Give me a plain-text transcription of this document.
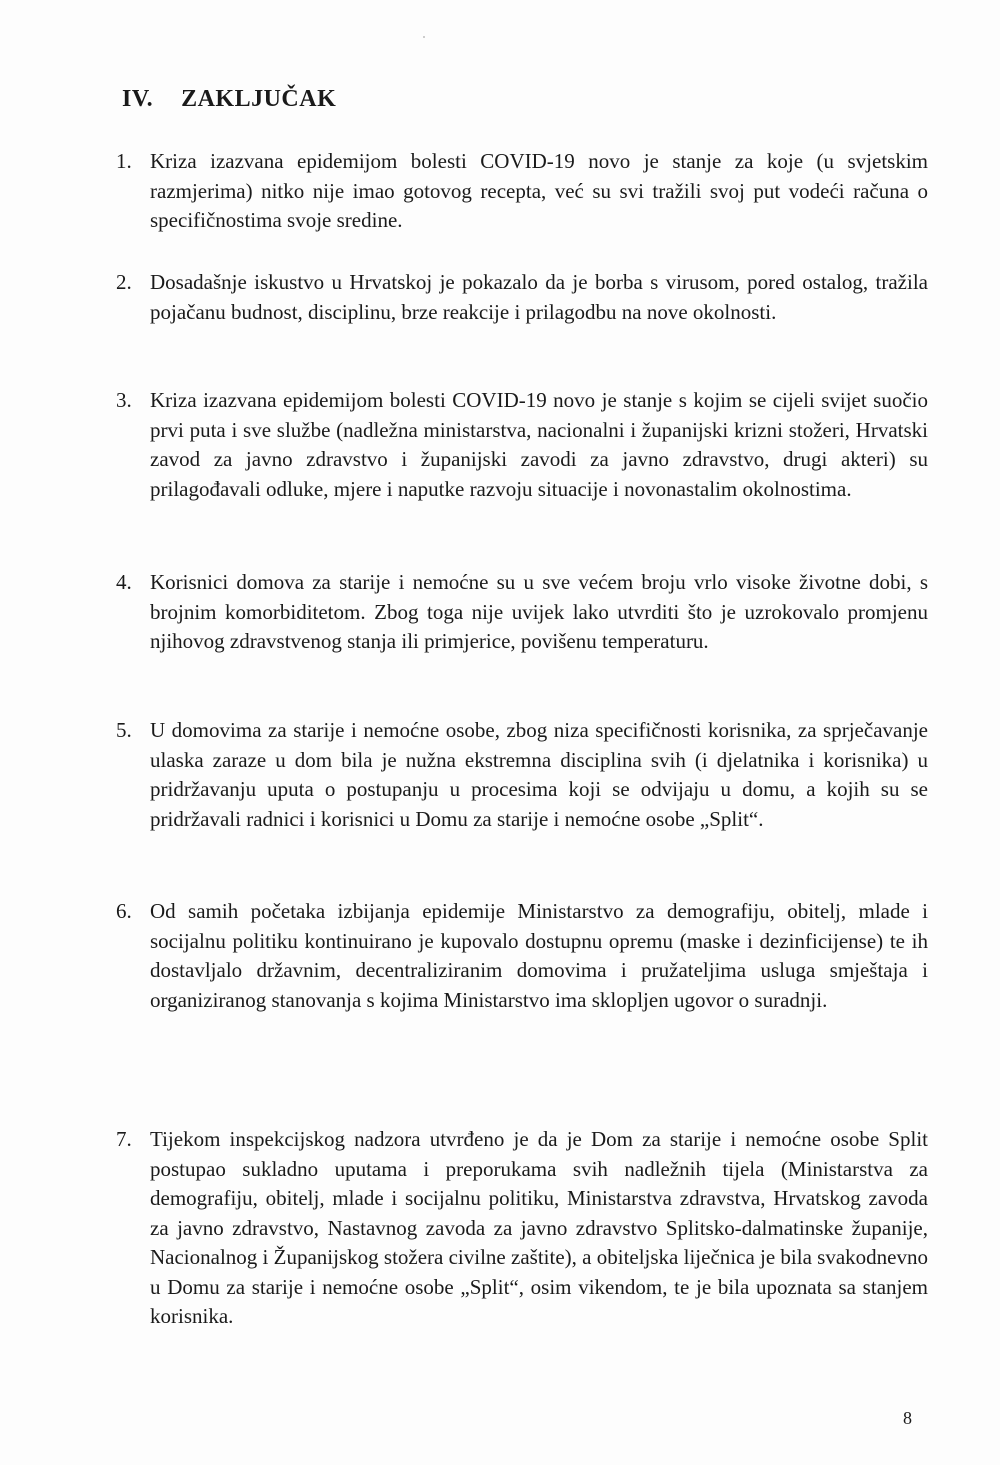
IV. ZAKLJUČAK
1. Kriza izazvana epidemijom bolesti COVID-19 novo je stanje za koje (u svjetskim razmjerima) nitko nije imao gotovog recepta, već su svi tražili svoj put vodeći računa o specifičnostima svoje sredine.
2. Dosadašnje iskustvo u Hrvatskoj je pokazalo da je borba s virusom, pored ostalog, tražila pojačanu budnost, disciplinu, brze reakcije i prilagodbu na nove okolnosti.
3. Kriza izazvana epidemijom bolesti COVID-19 novo je stanje s kojim se cijeli svijet suočio prvi puta i sve službe (nadležna ministarstva, nacionalni i županijski krizni stožeri, Hrvatski zavod za javno zdravstvo i županijski zavodi za javno zdravstvo, drugi akteri) su prilagođavali odluke, mjere i naputke razvoju situacije i novonastalim okolnostima.
4. Korisnici domova za starije i nemoćne su u sve većem broju vrlo visoke životne dobi, s brojnim komorbiditetom. Zbog toga nije uvijek lako utvrditi što je uzrokovalo promjenu njihovog zdravstvenog stanja ili primjerice, povišenu temperaturu.
5. U domovima za starije i nemoćne osobe, zbog niza specifičnosti korisnika, za sprječavanje ulaska zaraze u dom bila je nužna ekstremna disciplina svih (i djelatnika i korisnika) u pridržavanju uputa o postupanju u procesima koji se odvijaju u domu, a kojih su se pridržavali radnici i korisnici u Domu za starije i nemoćne osobe „Split“.
6. Od samih početaka izbijanja epidemije Ministarstvo za demografiju, obitelj, mlade i socijalnu politiku kontinuirano je kupovalo dostupnu opremu (maske i dezinficijense) te ih dostavljalo državnim, decentraliziranim domovima i pružateljima usluga smještaja i organiziranog stanovanja s kojima Ministarstvo ima sklopljen ugovor o suradnji.
7. Tijekom inspekcijskog nadzora utvrđeno je da je Dom za starije i nemoćne osobe Split postupao sukladno uputama i preporukama svih nadležnih tijela (Ministarstva za demografiju, obitelj, mlade i socijalnu politiku, Ministarstva zdravstva, Hrvatskog zavoda za javno zdravstvo, Nastavnog zavoda za javno zdravstvo Splitsko-dalmatinske županije, Nacionalnog i Županijskog stožera civilne zaštite), a obiteljska liječnica je bila svakodnevno u Domu za starije i nemoćne osobe „Split“, osim vikendom, te je bila upoznata sa stanjem korisnika.
8
